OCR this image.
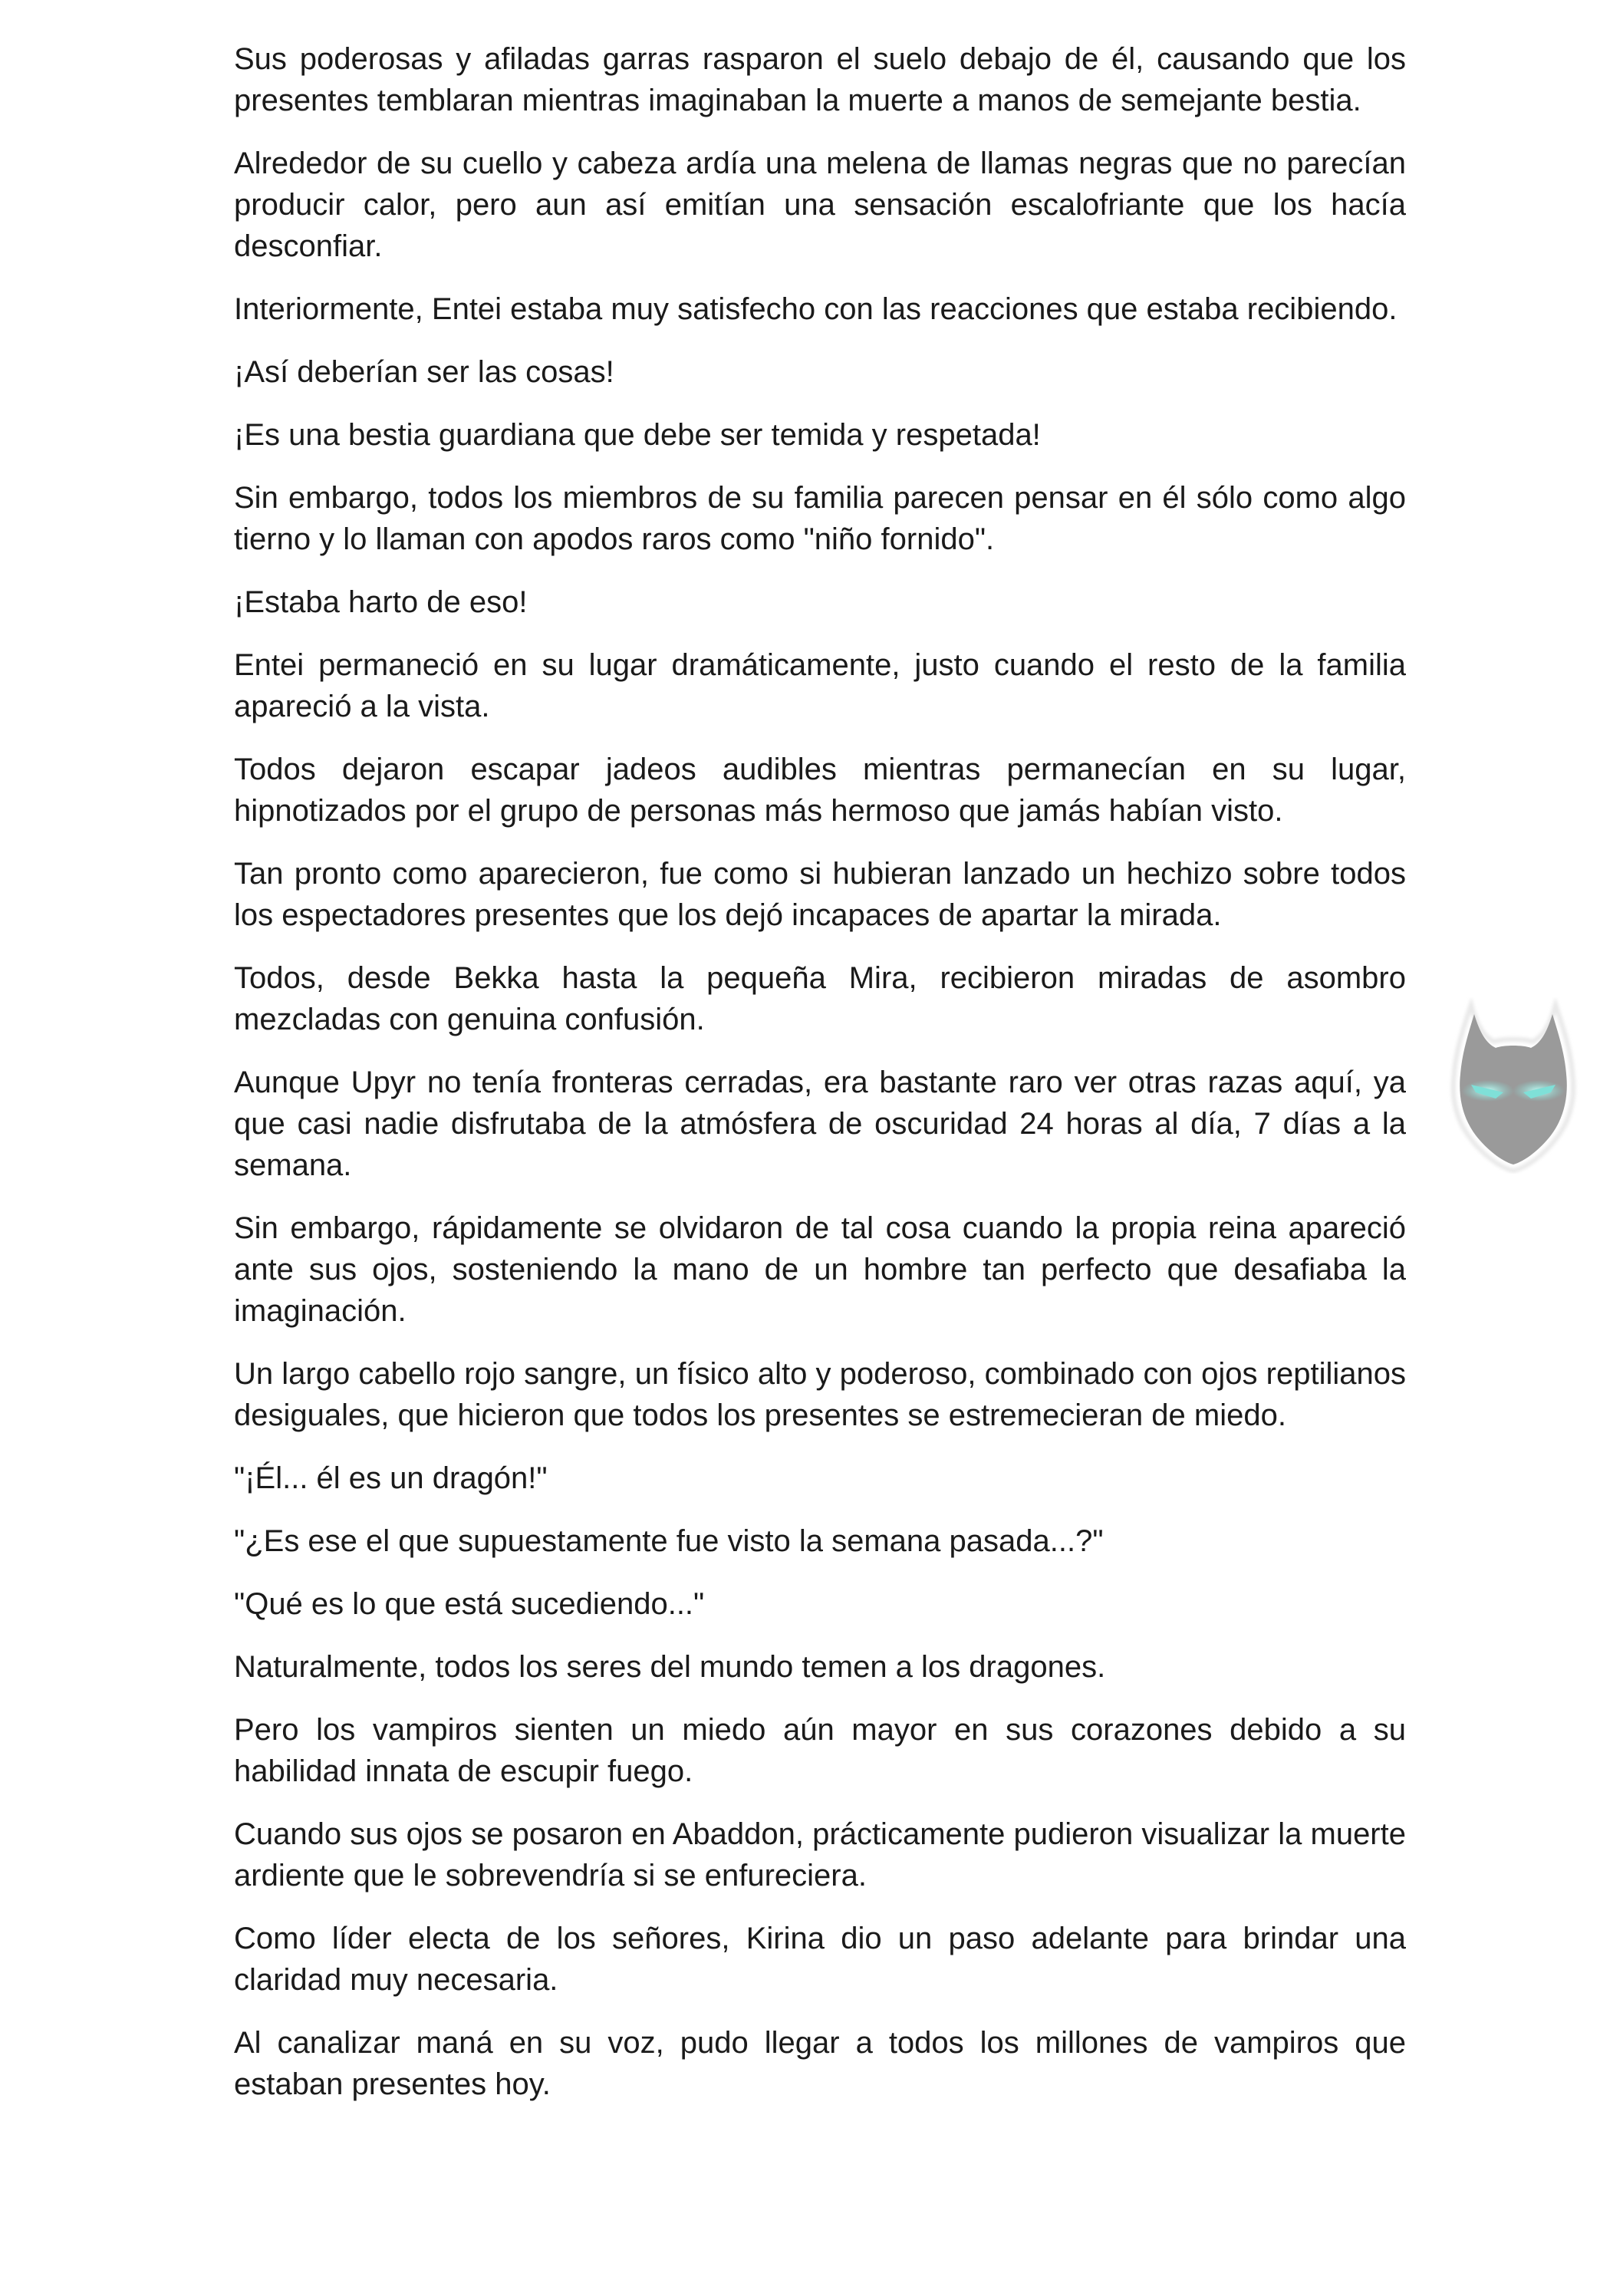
Sus poderosas y afiladas garras rasparon el suelo debajo de él, causando que los presentes temblaran mientras imaginaban la muerte a manos de semejante bestia.

Alrededor de su cuello y cabeza ardía una melena de llamas negras que no parecían producir calor, pero aun así emitían una sensación escalofriante que los hacía desconfiar.

Interiormente, Entei estaba muy satisfecho con las reacciones que estaba recibiendo.

¡Así deberían ser las cosas!

¡Es una bestia guardiana que debe ser temida y respetada!

Sin embargo, todos los miembros de su familia parecen pensar en él sólo como algo tierno y lo llaman con apodos raros como "niño fornido".

¡Estaba harto de eso!

Entei permaneció en su lugar dramáticamente, justo cuando el resto de la familia apareció a la vista.

Todos dejaron escapar jadeos audibles mientras permanecían en su lugar, hipnotizados por el grupo de personas más hermoso que jamás habían visto.

Tan pronto como aparecieron, fue como si hubieran lanzado un hechizo sobre todos los espectadores presentes que los dejó incapaces de apartar la mirada.

Todos, desde Bekka hasta la pequeña Mira, recibieron miradas de asombro mezcladas con genuina confusión.

Aunque Upyr no tenía fronteras cerradas, era bastante raro ver otras razas aquí, ya que casi nadie disfrutaba de la atmósfera de oscuridad 24 horas al día, 7 días a la semana.

Sin embargo, rápidamente se olvidaron de tal cosa cuando la propia reina apareció ante sus ojos, sosteniendo la mano de un hombre tan perfecto que desafiaba la imaginación.

Un largo cabello rojo sangre, un físico alto y poderoso, combinado con ojos reptilianos desiguales, que hicieron que todos los presentes se estremecieran de miedo.

"¡Él... él es un dragón!"

"¿Es ese el que supuestamente fue visto la semana pasada...?"

"Qué es lo que está sucediendo..."

Naturalmente, todos los seres del mundo temen a los dragones.

Pero los vampiros sienten un miedo aún mayor en sus corazones debido a su habilidad innata de escupir fuego.

Cuando sus ojos se posaron en Abaddon, prácticamente pudieron visualizar la muerte ardiente que le sobrevendría si se enfureciera.

Como líder electa de los señores, Kirina dio un paso adelante para brindar una claridad muy necesaria.

Al canalizar maná en su voz, pudo llegar a todos los millones de vampiros que estaban presentes hoy.
